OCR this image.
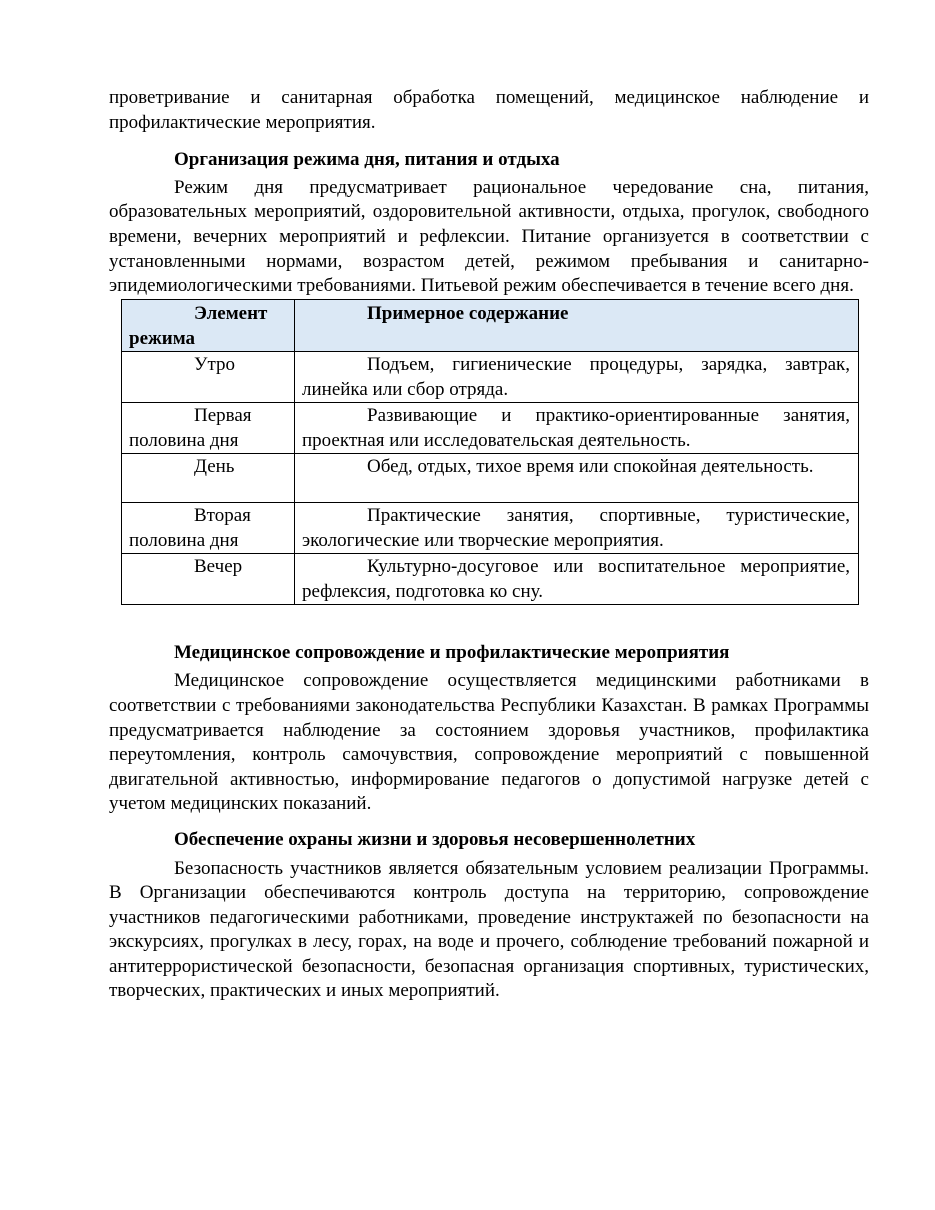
проветривание и санитарная обработка помещений, медицинское наблюдение и профилактические мероприятия.

Организация режима дня, питания и отдыха

Режим дня предусматривает рациональное чередование сна, питания, образовательных мероприятий, оздоровительной активности, отдыха, прогулок, свободного времени, вечерних мероприятий и рефлексии. Питание организуется в соответствии с установленными нормами, возрастом детей, режимом пребывания и санитарно-эпидемиологическими требованиями. Питьевой режим обеспечивается в течение всего дня.

Элемент режима	Примерное содержание
Утро	Подъем, гигиенические процедуры, зарядка, завтрак, линейка или сбор отряда.
Первая половина дня	Развивающие и практико-ориентированные занятия, проектная или исследовательская деятельность.
День	Обед, отдых, тихое время или спокойная деятельность.
Вторая половина дня	Практические занятия, спортивные, туристические, экологические или творческие мероприятия.
Вечер	Культурно-досуговое или воспитательное мероприятие, рефлексия, подготовка ко сну.
Медицинское сопровождение и профилактические мероприятия

Медицинское сопровождение осуществляется медицинскими работниками в соответствии с требованиями законодательства Республики Казахстан. В рамках Программы предусматривается наблюдение за состоянием здоровья участников, профилактика переутомления, контроль самочувствия, сопровождение мероприятий с повышенной двигательной активностью, информирование педагогов о допустимой нагрузке детей с учетом медицинских показаний.

Обеспечение охраны жизни и здоровья несовершеннолетних

Безопасность участников является обязательным условием реализации Программы. В Организации обеспечиваются контроль доступа на территорию, сопровождение участников педагогическими работниками, проведение инструктажей по безопасности на экскурсиях, прогулках в лесу, горах, на воде и прочего, соблюдение требований пожарной и антитеррористической безопасности, безопасная организация спортивных, туристических, творческих, практических и иных мероприятий.
